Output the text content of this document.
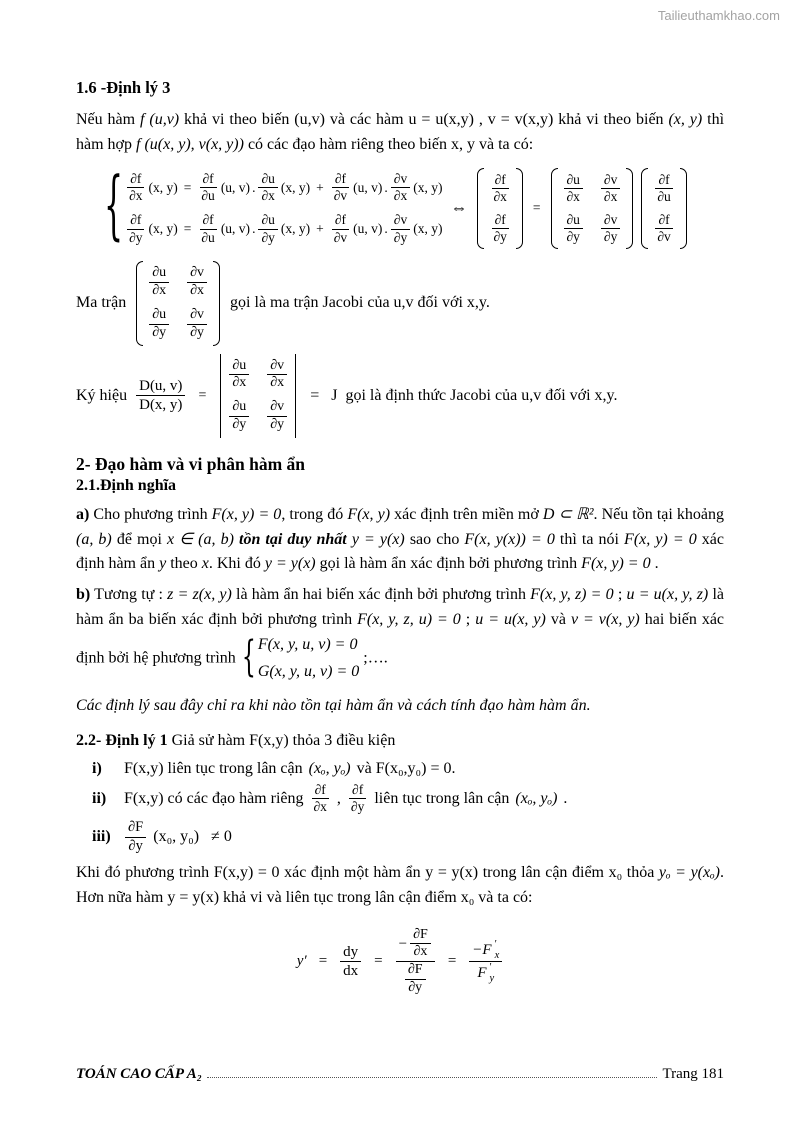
Tailieuthamkhao.com
1.6 -Định lý 3

Nếu hàm f (u,v) khả vi theo biến (u,v) và các hàm u = u(x,y) , v = v(x,y) khả vi theo biến (x, y) thì hàm hợp f (u(x, y), v(x, y)) có các đạo hàm riêng theo biến x, y và ta có:

{ $\frac{\partial f}{\partial x} (x$, $y) = \frac{\partial f}{\partial u} (u$, v) . $\frac{\partial u}{\partial x} (x$, $y) + \frac{\partial f}{\partial v} (u$, v) . $\frac{\partial v}{\partial x} (x$, y)
$\frac{\partial f}{\partial y} (x$, $y) = \frac{\partial f}{\partial u} (u$, v) . $\frac{\partial u}{\partial y} (x$, $y) + \frac{\partial f}{\partial v} (u$, v) . $\frac{\partial v}{\partial y} (x$, y)
⇔
$\frac{\partial f}{\partial x}$
$\frac{\partial f}{\partial y}$
=
$\frac{\partial u}{\partial x} \frac{\partial v}{\partial x}$
$\frac{\partial u}{\partial y} \frac{\partial v}{\partial y}$
$\frac{\partial f}{\partial u}$
$\frac{\partial f}{\partial v}$
Ma trận
$\frac{\partial u}{\partial x} \frac{\partial v}{\partial x}$
$\frac{\partial u}{\partial y} \frac{\partial v}{\partial y}$
gọi là ma trận Jacobi của u,v đối với x,y.
Ký hiệu $\frac{D(u, v)}{D(x, y)}$ =
$\frac{\partial u}{\partial x} \frac{\partial v}{\partial x}$
$\frac{\partial u}{\partial y} \frac{\partial v}{\partial y}$
= J gọi là định thức Jacobi của u,v đối với x,y.
2- Đạo hàm và vi phân hàm ẩn
2.1.Định nghĩa

a) Cho phương trình F(x, y) = 0, trong đó F(x, y) xác định trên miền mở D ⊂ ℝ². Nếu tồn tại khoảng (a, b) để mọi x ∈ (a, b) tồn tại duy nhất y = y(x) sao cho F(x, y(x)) = 0 thì ta nói F(x, y) = 0 xác định hàm ẩn y theo x. Khi đó y = y(x) gọi là hàm ẩn xác định bởi phương trình F(x, y) = 0 .

b) Tương tự : z = z(x, y) là hàm ẩn hai biến xác định bởi phương trình F(x, y, z) = 0 ; u = u(x, y, z) là hàm ẩn ba biến xác định bởi phương trình F(x, y, z, u) = 0 ; u = u(x, y) và v = v(x, y) hai biến xác định bởi hệ phương trình { F(x, y, u, v) = 0
G(x, y, u, v) = 0
;….

Các định lý sau đây chỉ ra khi nào tồn tại hàm ẩn và cách tính đạo hàm hàm ẩn.

2.2- Định lý 1 Giả sử hàm F(x,y) thỏa 3 điều kiện

i)	F(x,y) liên tục trong lân cận (xₒ, yₒ) và F(x₀,y₀) = 0.
ii)	F(x,y) có các đạo hàm riêng $\frac{\partial f}{\partial x}$ , $\frac{\partial f}{\partial y}$ liên tục trong lân cận (xₒ, yₒ) .
$iii) \frac{\partial F}{\partial y} (x_0$, y₀) ≠ 0

Khi đó phương trình F(x,y) = 0 xác định một hàm ẩn y = y(x) trong lân cận điểm x₀ thỏa yₒ = y(xₒ). Hơn nữa hàm y = y(x) khả vi và liên tục trong lân cận điểm x₀ và ta có:

$y' = \frac{dy}{dx} = \frac{- \frac{\partial F}{\partial x}}{\frac{\partial F}{\partial y}} = -F$ ′
x
F ′
y
TOÁN CAO CẤP A₂	Trang 181
